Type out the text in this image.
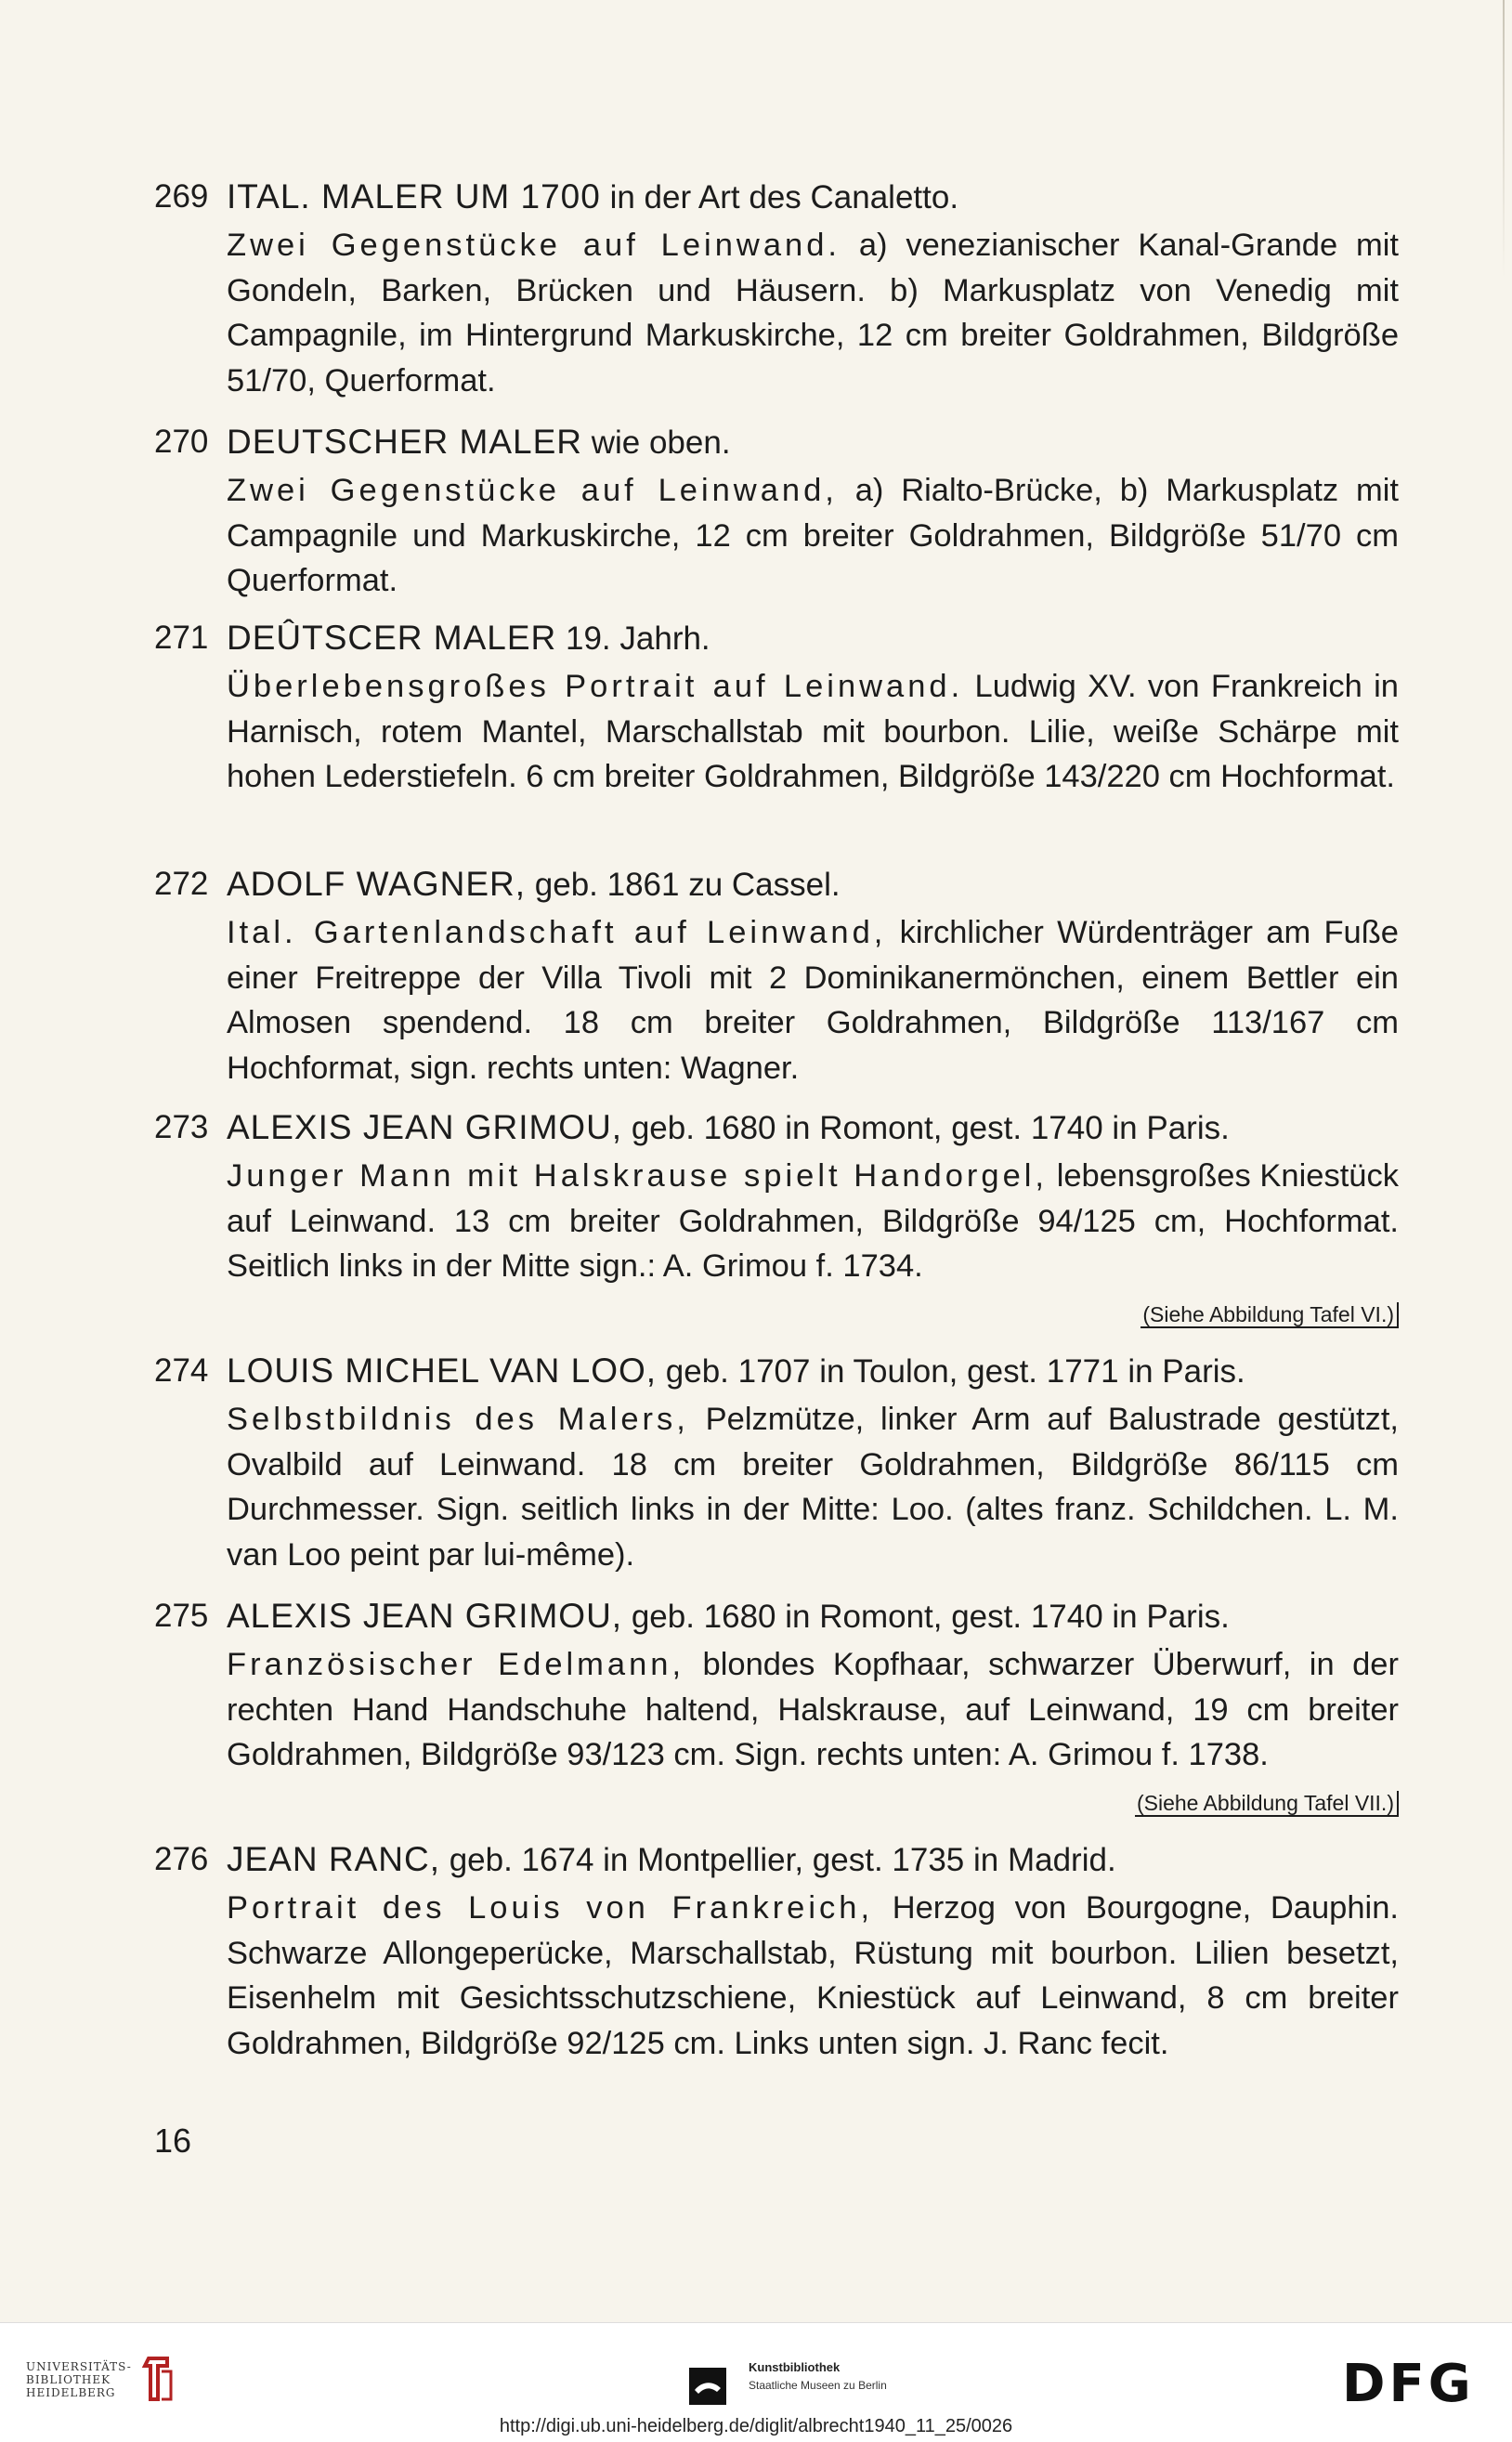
269 ITAL. MALER UM 1700 in der Art des Canaletto.
Zwei Gegenstücke auf Leinwand. a) venezianischer Kanal-Grande mit Gondeln, Barken, Brücken und Häusern. b) Markusplatz von Venedig mit Campagnile, im Hintergrund Markuskirche, 12 cm breiter Goldrahmen, Bildgröße 51/70, Querformat.
270 DEUTSCHER MALER wie oben.
Zwei Gegenstücke auf Leinwand, a) Rialto-Brücke, b) Markusplatz mit Campagnile und Markuskirche, 12 cm breiter Goldrahmen, Bildgröße 51/70 cm Querformat.
271 DEÛTSCER MALER 19. Jahrh.
Überlebensgroßes Portrait auf Leinwand. Ludwig XV. von Frankreich in Harnisch, rotem Mantel, Marschallstab mit bourbon. Lilie, weiße Schärpe mit hohen Lederstiefeln. 6 cm breiter Goldrahmen, Bildgröße 143/220 cm Hochformat.
272 ADOLF WAGNER, geb. 1861 zu Cassel.
Ital. Gartenlandschaft auf Leinwand, kirchlicher Würdenträger am Fuße einer Freitreppe der Villa Tivoli mit 2 Dominikanermönchen, einem Bettler ein Almosen spendend. 18 cm breiter Goldrahmen, Bildgröße 113/167 cm Hochformat, sign. rechts unten: Wagner.
273 ALEXIS JEAN GRIMOU, geb. 1680 in Romont, gest. 1740 in Paris.
Junger Mann mit Halskrause spielt Handorgel, lebensgroßes Kniestück auf Leinwand. 13 cm breiter Goldrahmen, Bildgröße 94/125 cm, Hochformat. Seitlich links in der Mitte sign.: A. Grimou f. 1734.
(Siehe Abbildung Tafel VI.)
274 LOUIS MICHEL VAN LOO, geb. 1707 in Toulon, gest. 1771 in Paris.
Selbstbildnis des Malers, Pelzmütze, linker Arm auf Balustrade gestützt, Ovalbild auf Leinwand. 18 cm breiter Goldrahmen, Bildgröße 86/115 cm Durchmesser. Sign. seitlich links in der Mitte: Loo. (altes franz. Schildchen. L. M. van Loo peint par lui-même).
275 ALEXIS JEAN GRIMOU, geb. 1680 in Romont, gest. 1740 in Paris.
Französischer Edelmann, blondes Kopfhaar, schwarzer Überwurf, in der rechten Hand Handschuhe haltend, Halskrause, auf Leinwand, 19 cm breiter Goldrahmen, Bildgröße 93/123 cm. Sign. rechts unten: A. Grimou f. 1738.
(Siehe Abbildung Tafel VII.)
276 JEAN RANC, geb. 1674 in Montpellier, gest. 1735 in Madrid.
Portrait des Louis von Frankreich, Herzog von Bourgogne, Dauphin. Schwarze Allongeperücke, Marschallstab, Rüstung mit bourbon. Lilien besetzt, Eisenhelm mit Gesichtsschutzschiene, Kniestück auf Leinwand, 8 cm breiter Goldrahmen, Bildgröße 92/125 cm. Links unten sign. J. Ranc fecit.
16
UNIVERSITÄTS-
BIBLIOTHEK
HEIDELBERG
Kunstbibliothek
Staatliche Museen zu Berlin	DFG
http://digi.ub.uni-heidelberg.de/diglit/albrecht1940_11_25/0026
